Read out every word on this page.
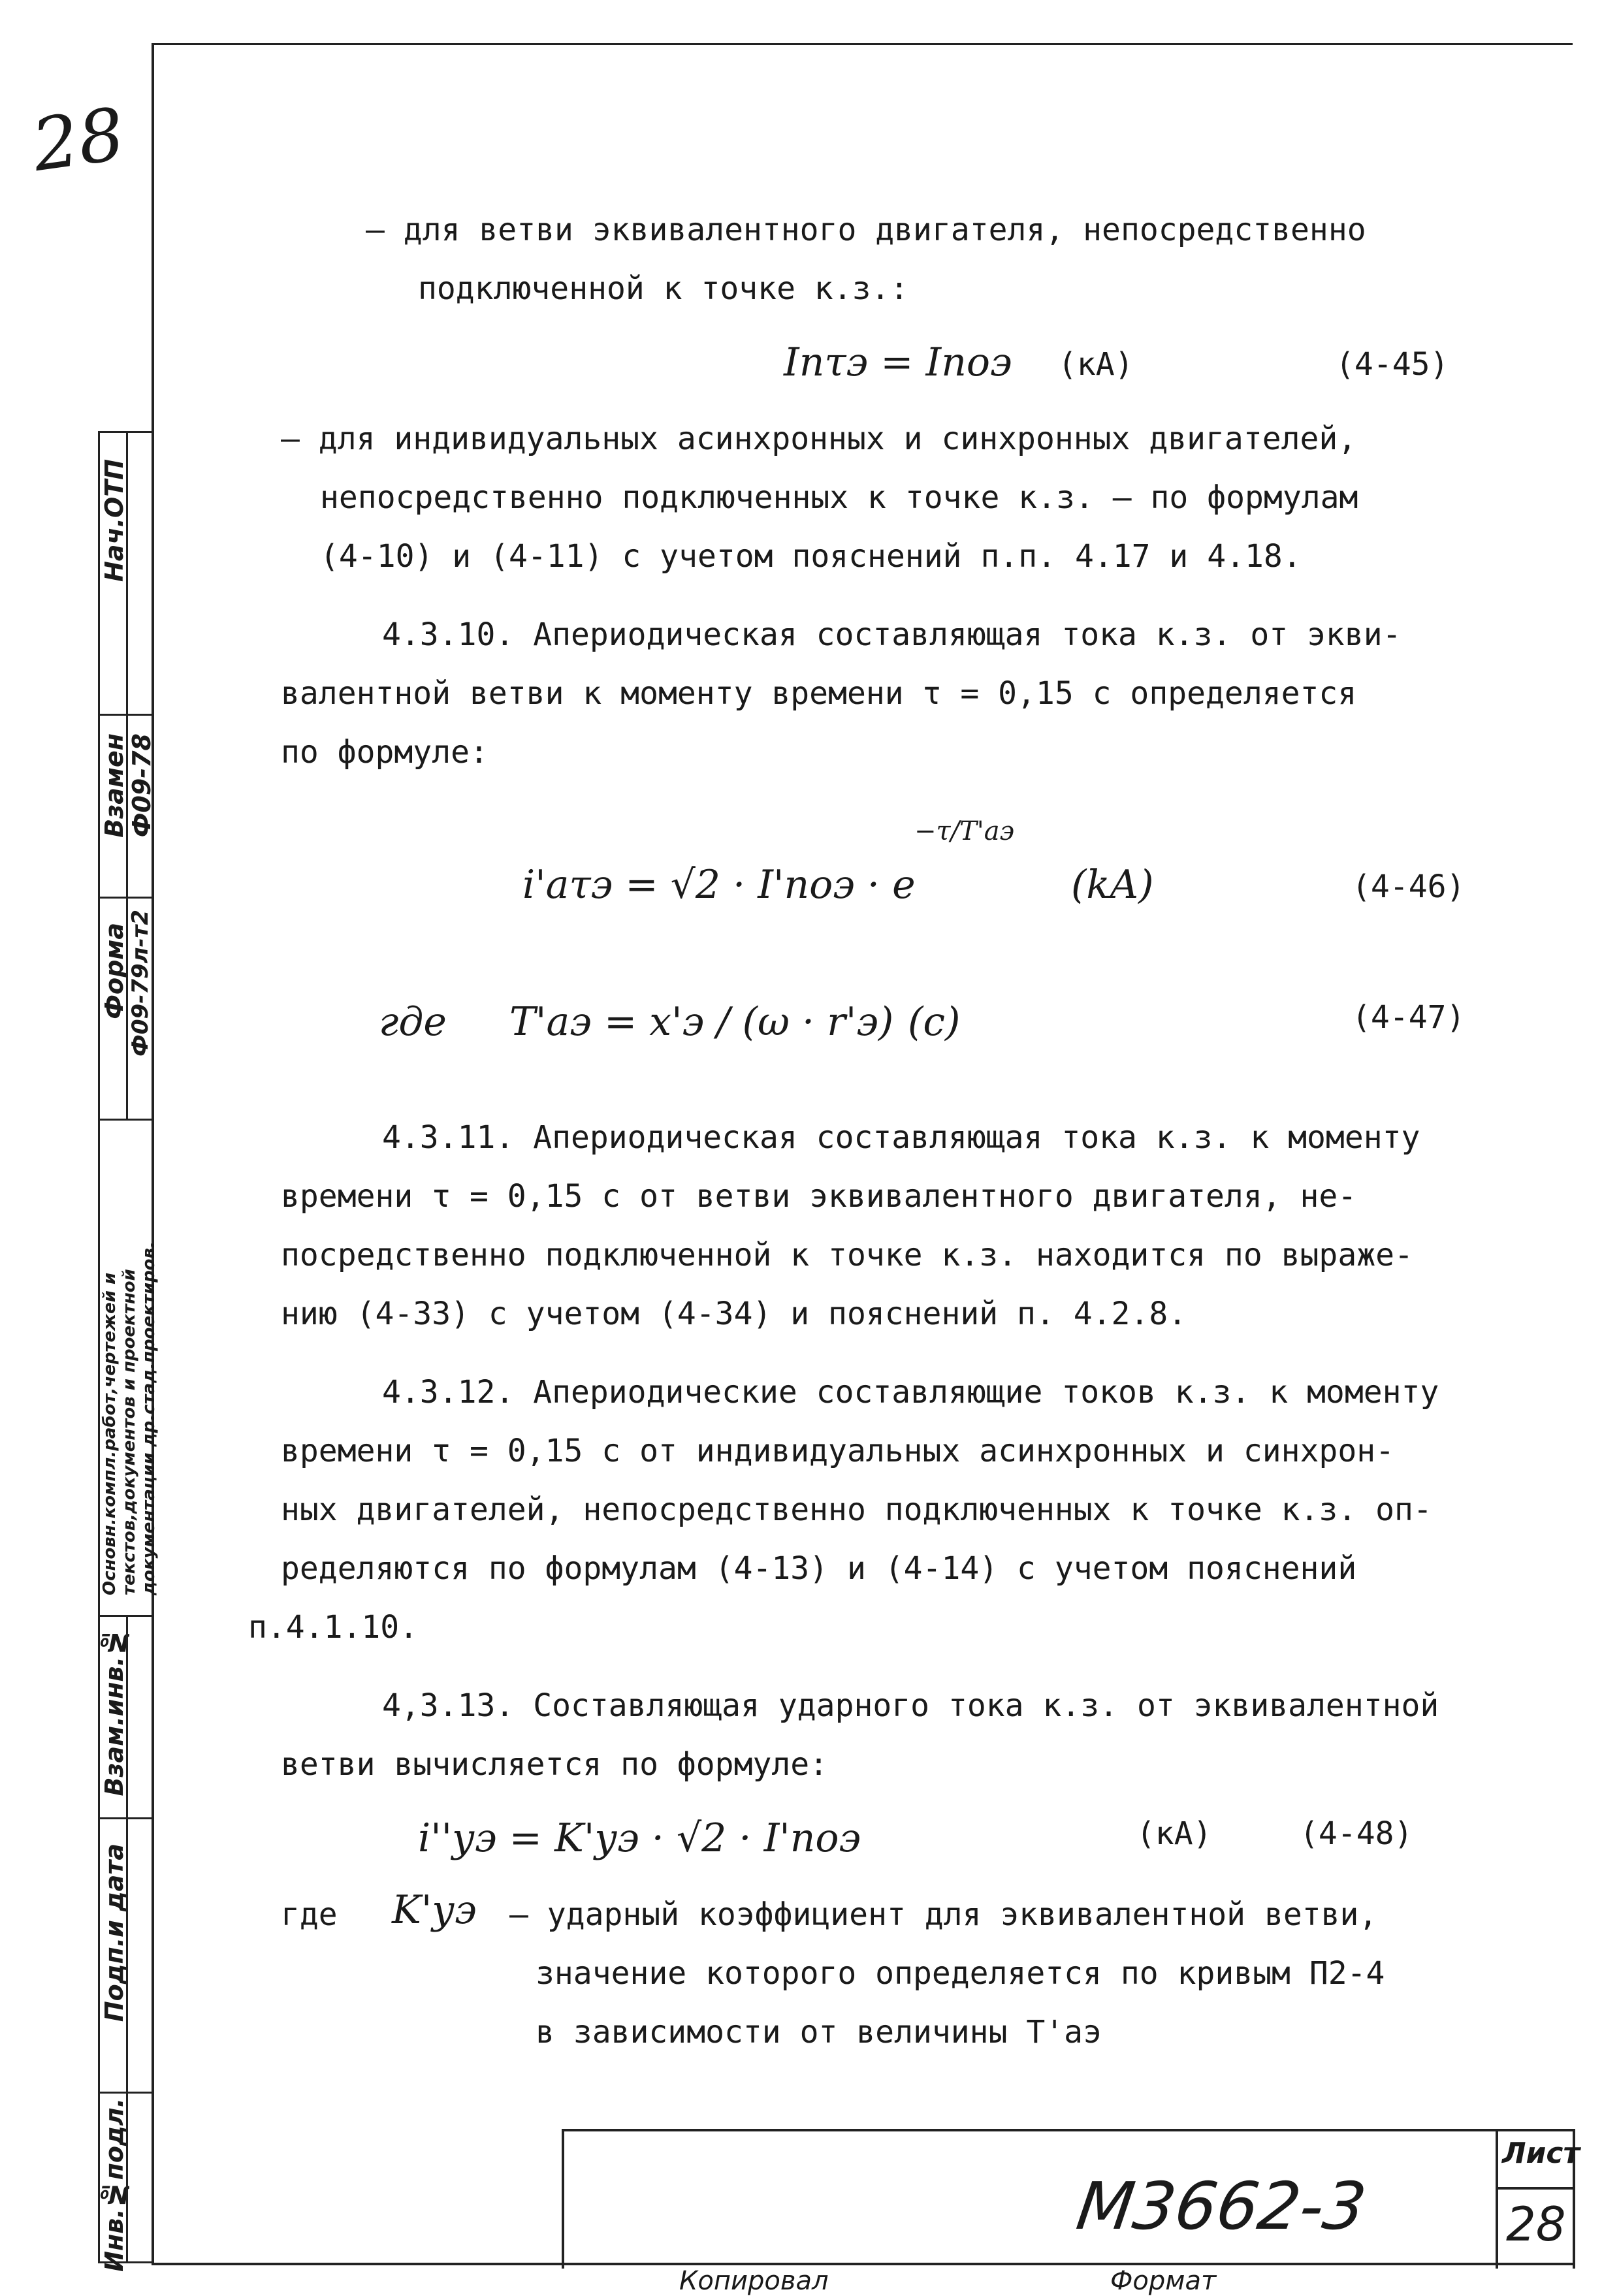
28
Нач.ОТП
Взамен
Ф09-78
Форма
Ф09-79л-т2
Основн.компл.работ,чертежей и текстов,документов и проектной документации др.стад.проектиров.
Взам.инв.№
Подп.и дата
Инв.№подл.
– для ветви эквивалентного двигателя, непосредственно
подключенной к точке к.з.:
Iпτэ = Iпоэ (кА)	(4-45)
– для индивидуальных асинхронных и синхронных двигателей,
непосредственно подключенных к точке к.з. – по формулам
(4-10) и (4-11) с учетом пояснений п.п. 4.17 и 4.18.
4.3.10. Апериодическая составляющая тока к.з. от экви-
валентной ветви к моменту времени τ = 0,15 с определяется
по формуле:
i'aτэ = √2 · I'поэ · e
−τ/T'aэ
(kA)	(4-46)
где T'aэ = x'э / (ω · r'э) (c)	(4-47)
4.3.11. Апериодическая составляющая тока к.з. к моменту
времени τ = 0,15 с от ветви эквивалентного двигателя, не-
посредственно подключенной к точке к.з. находится по выраже-
нию (4-33) с учетом (4-34) и пояснений п. 4.2.8.
4.3.12. Апериодические составляющие токов к.з. к моменту
времени τ = 0,15 с от индивидуальных асинхронных и синхрон-
ных двигателей, непосредственно подключенных к точке к.з. оп-
ределяются по формулам (4-13) и (4-14) с учетом пояснений
п.4.1.10.
4,3.13. Составляющая ударного тока к.з. от эквивалентной
ветви вычисляется по формуле:
i''уэ = K'уэ · √2 · I'поэ	(кА)	(4-48)
где K'уэ – ударный коэффициент для эквивалентной ветви,
значение которого определяется по кривым П2-4
в зависимости от величины T'aэ
М3662-3
Лист
28
Копировал	Формат
